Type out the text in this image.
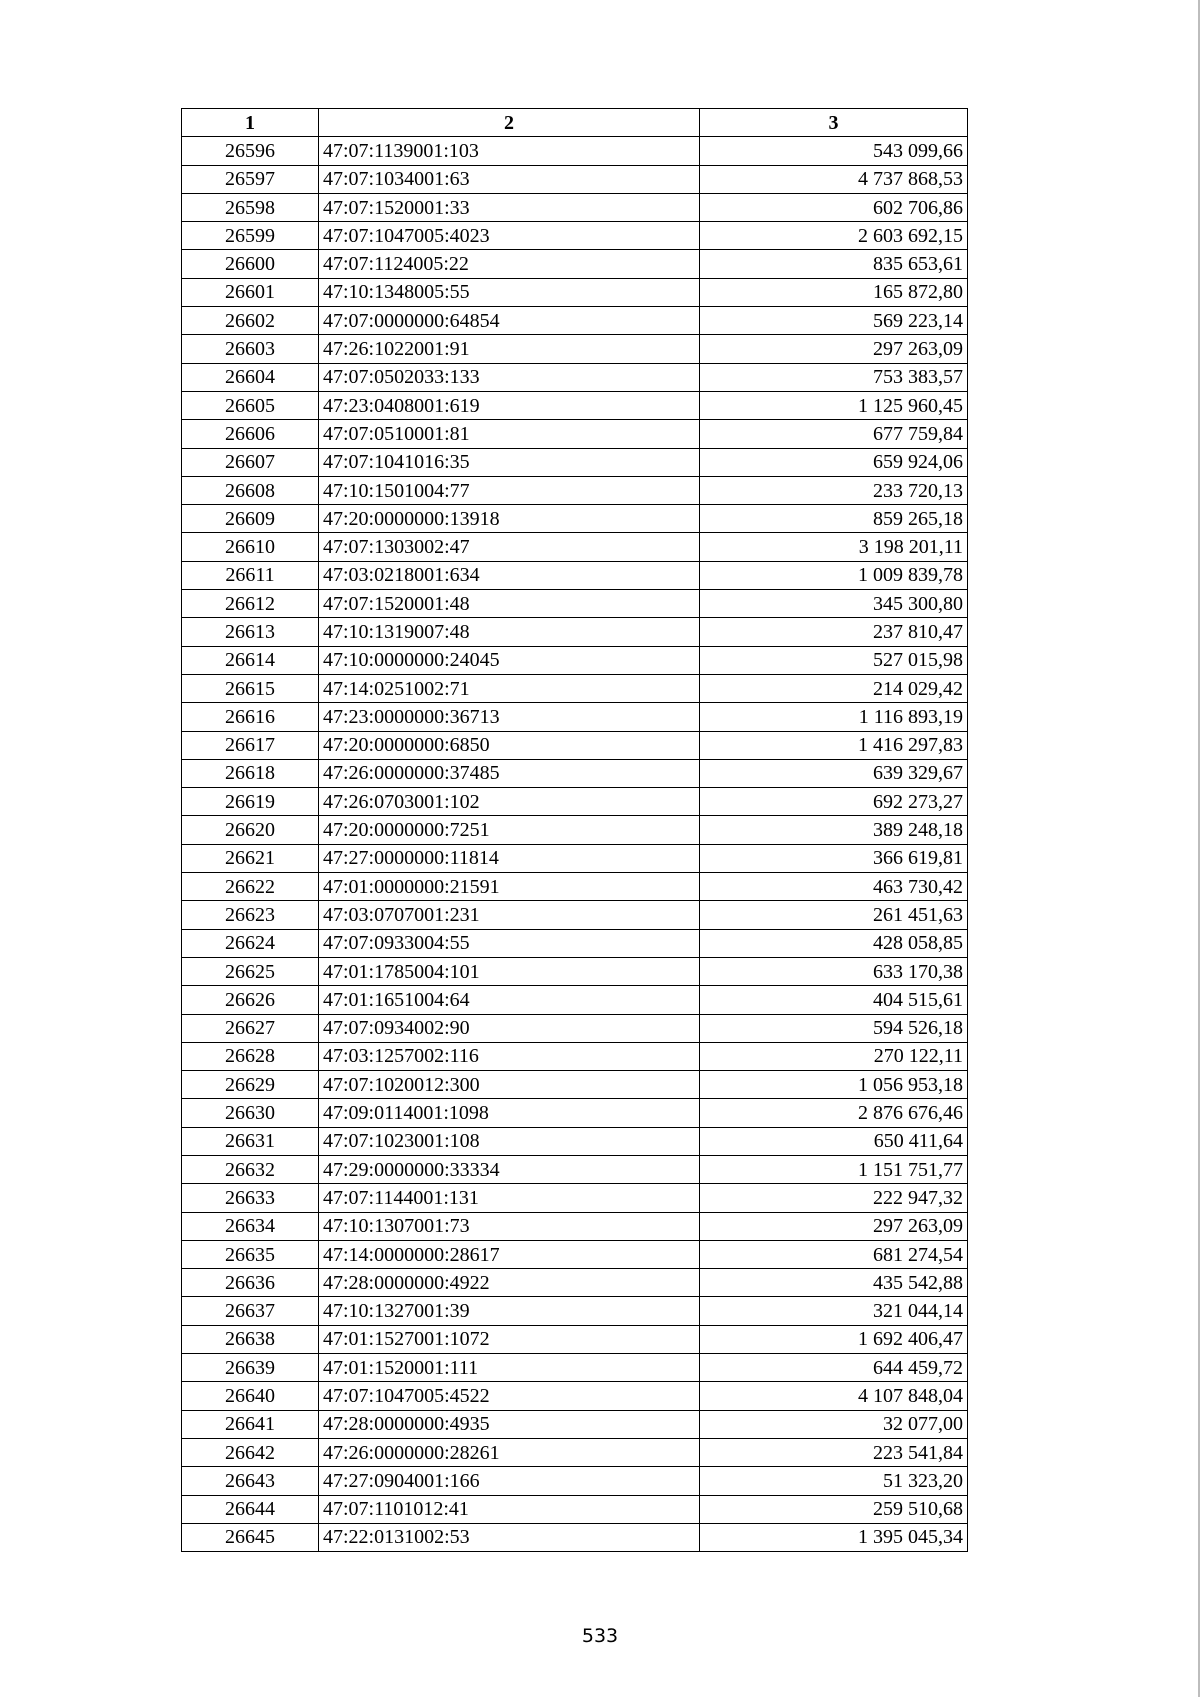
1	2	3
26596	47:07:1139001:103	543 099,66
26597	47:07:1034001:63	4 737 868,53
26598	47:07:1520001:33	602 706,86
26599	47:07:1047005:4023	2 603 692,15
26600	47:07:1124005:22	835 653,61
26601	47:10:1348005:55	165 872,80
26602	47:07:0000000:64854	569 223,14
26603	47:26:1022001:91	297 263,09
26604	47:07:0502033:133	753 383,57
26605	47:23:0408001:619	1 125 960,45
26606	47:07:0510001:81	677 759,84
26607	47:07:1041016:35	659 924,06
26608	47:10:1501004:77	233 720,13
26609	47:20:0000000:13918	859 265,18
26610	47:07:1303002:47	3 198 201,11
26611	47:03:0218001:634	1 009 839,78
26612	47:07:1520001:48	345 300,80
26613	47:10:1319007:48	237 810,47
26614	47:10:0000000:24045	527 015,98
26615	47:14:0251002:71	214 029,42
26616	47:23:0000000:36713	1 116 893,19
26617	47:20:0000000:6850	1 416 297,83
26618	47:26:0000000:37485	639 329,67
26619	47:26:0703001:102	692 273,27
26620	47:20:0000000:7251	389 248,18
26621	47:27:0000000:11814	366 619,81
26622	47:01:0000000:21591	463 730,42
26623	47:03:0707001:231	261 451,63
26624	47:07:0933004:55	428 058,85
26625	47:01:1785004:101	633 170,38
26626	47:01:1651004:64	404 515,61
26627	47:07:0934002:90	594 526,18
26628	47:03:1257002:116	270 122,11
26629	47:07:1020012:300	1 056 953,18
26630	47:09:0114001:1098	2 876 676,46
26631	47:07:1023001:108	650 411,64
26632	47:29:0000000:33334	1 151 751,77
26633	47:07:1144001:131	222 947,32
26634	47:10:1307001:73	297 263,09
26635	47:14:0000000:28617	681 274,54
26636	47:28:0000000:4922	435 542,88
26637	47:10:1327001:39	321 044,14
26638	47:01:1527001:1072	1 692 406,47
26639	47:01:1520001:111	644 459,72
26640	47:07:1047005:4522	4 107 848,04
26641	47:28:0000000:4935	32 077,00
26642	47:26:0000000:28261	223 541,84
26643	47:27:0904001:166	51 323,20
26644	47:07:1101012:41	259 510,68
26645	47:22:0131002:53	1 395 045,34
533
